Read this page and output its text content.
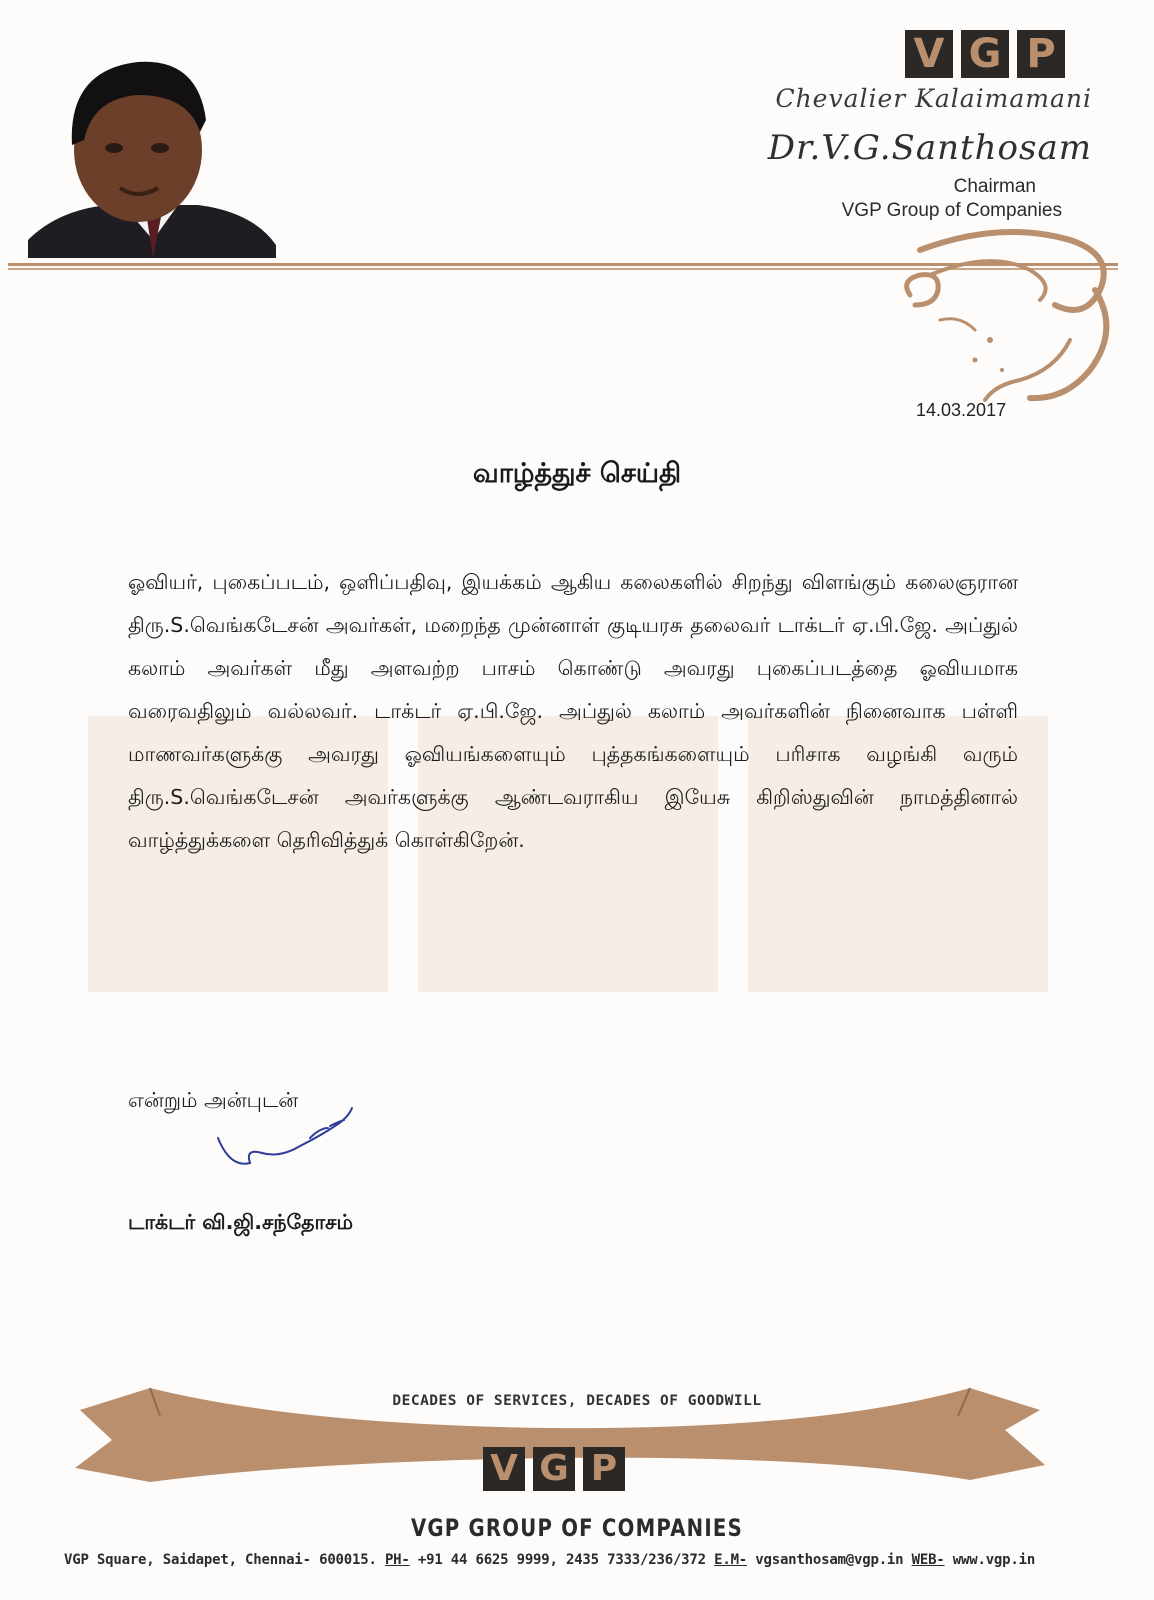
V G P
Chevalier Kalaimamani
Dr.V.G.Santhosam
Chairman
VGP Group of Companies
14.03.2017
வாழ்த்துச் செய்தி
ஓவியர், புகைப்படம், ஒளிப்பதிவு, இயக்கம் ஆகிய கலைகளில் சிறந்து விளங்கும் கலைஞரான திரு.S.வெங்கடேசன் அவர்கள், மறைந்த முன்னாள் குடியரசு தலைவர் டாக்டர் ஏ.பி.ஜே. அப்துல் கலாம் அவர்கள் மீது அளவற்ற பாசம் கொண்டு அவரது புகைப்படத்தை ஓவியமாக வரைவதிலும் வல்லவர். டாக்டர் ஏ.பி.ஜே. அப்துல் கலாம் அவர்களின் நினைவாக பள்ளி மாணவர்களுக்கு அவரது ஓவியங்களையும் புத்தகங்களையும் பரிசாக வழங்கி வரும் திரு.S.வெங்கடேசன் அவர்களுக்கு ஆண்டவராகிய இயேசு கிறிஸ்துவின் நாமத்தினால் வாழ்த்துக்களை தெரிவித்துக் கொள்கிறேன்.
என்றும் அன்புடன்
டாக்டர் வி.ஜி.சந்தோசம்
DECADES OF SERVICES, DECADES OF GOODWILL
V G P
VGP GROUP OF COMPANIES
VGP Square, Saidapet, Chennai- 600015. PH- +91 44 6625 9999, 2435 7333/236/372 E.M- vgsanthosam@vgp.in WEB- www.vgp.in
